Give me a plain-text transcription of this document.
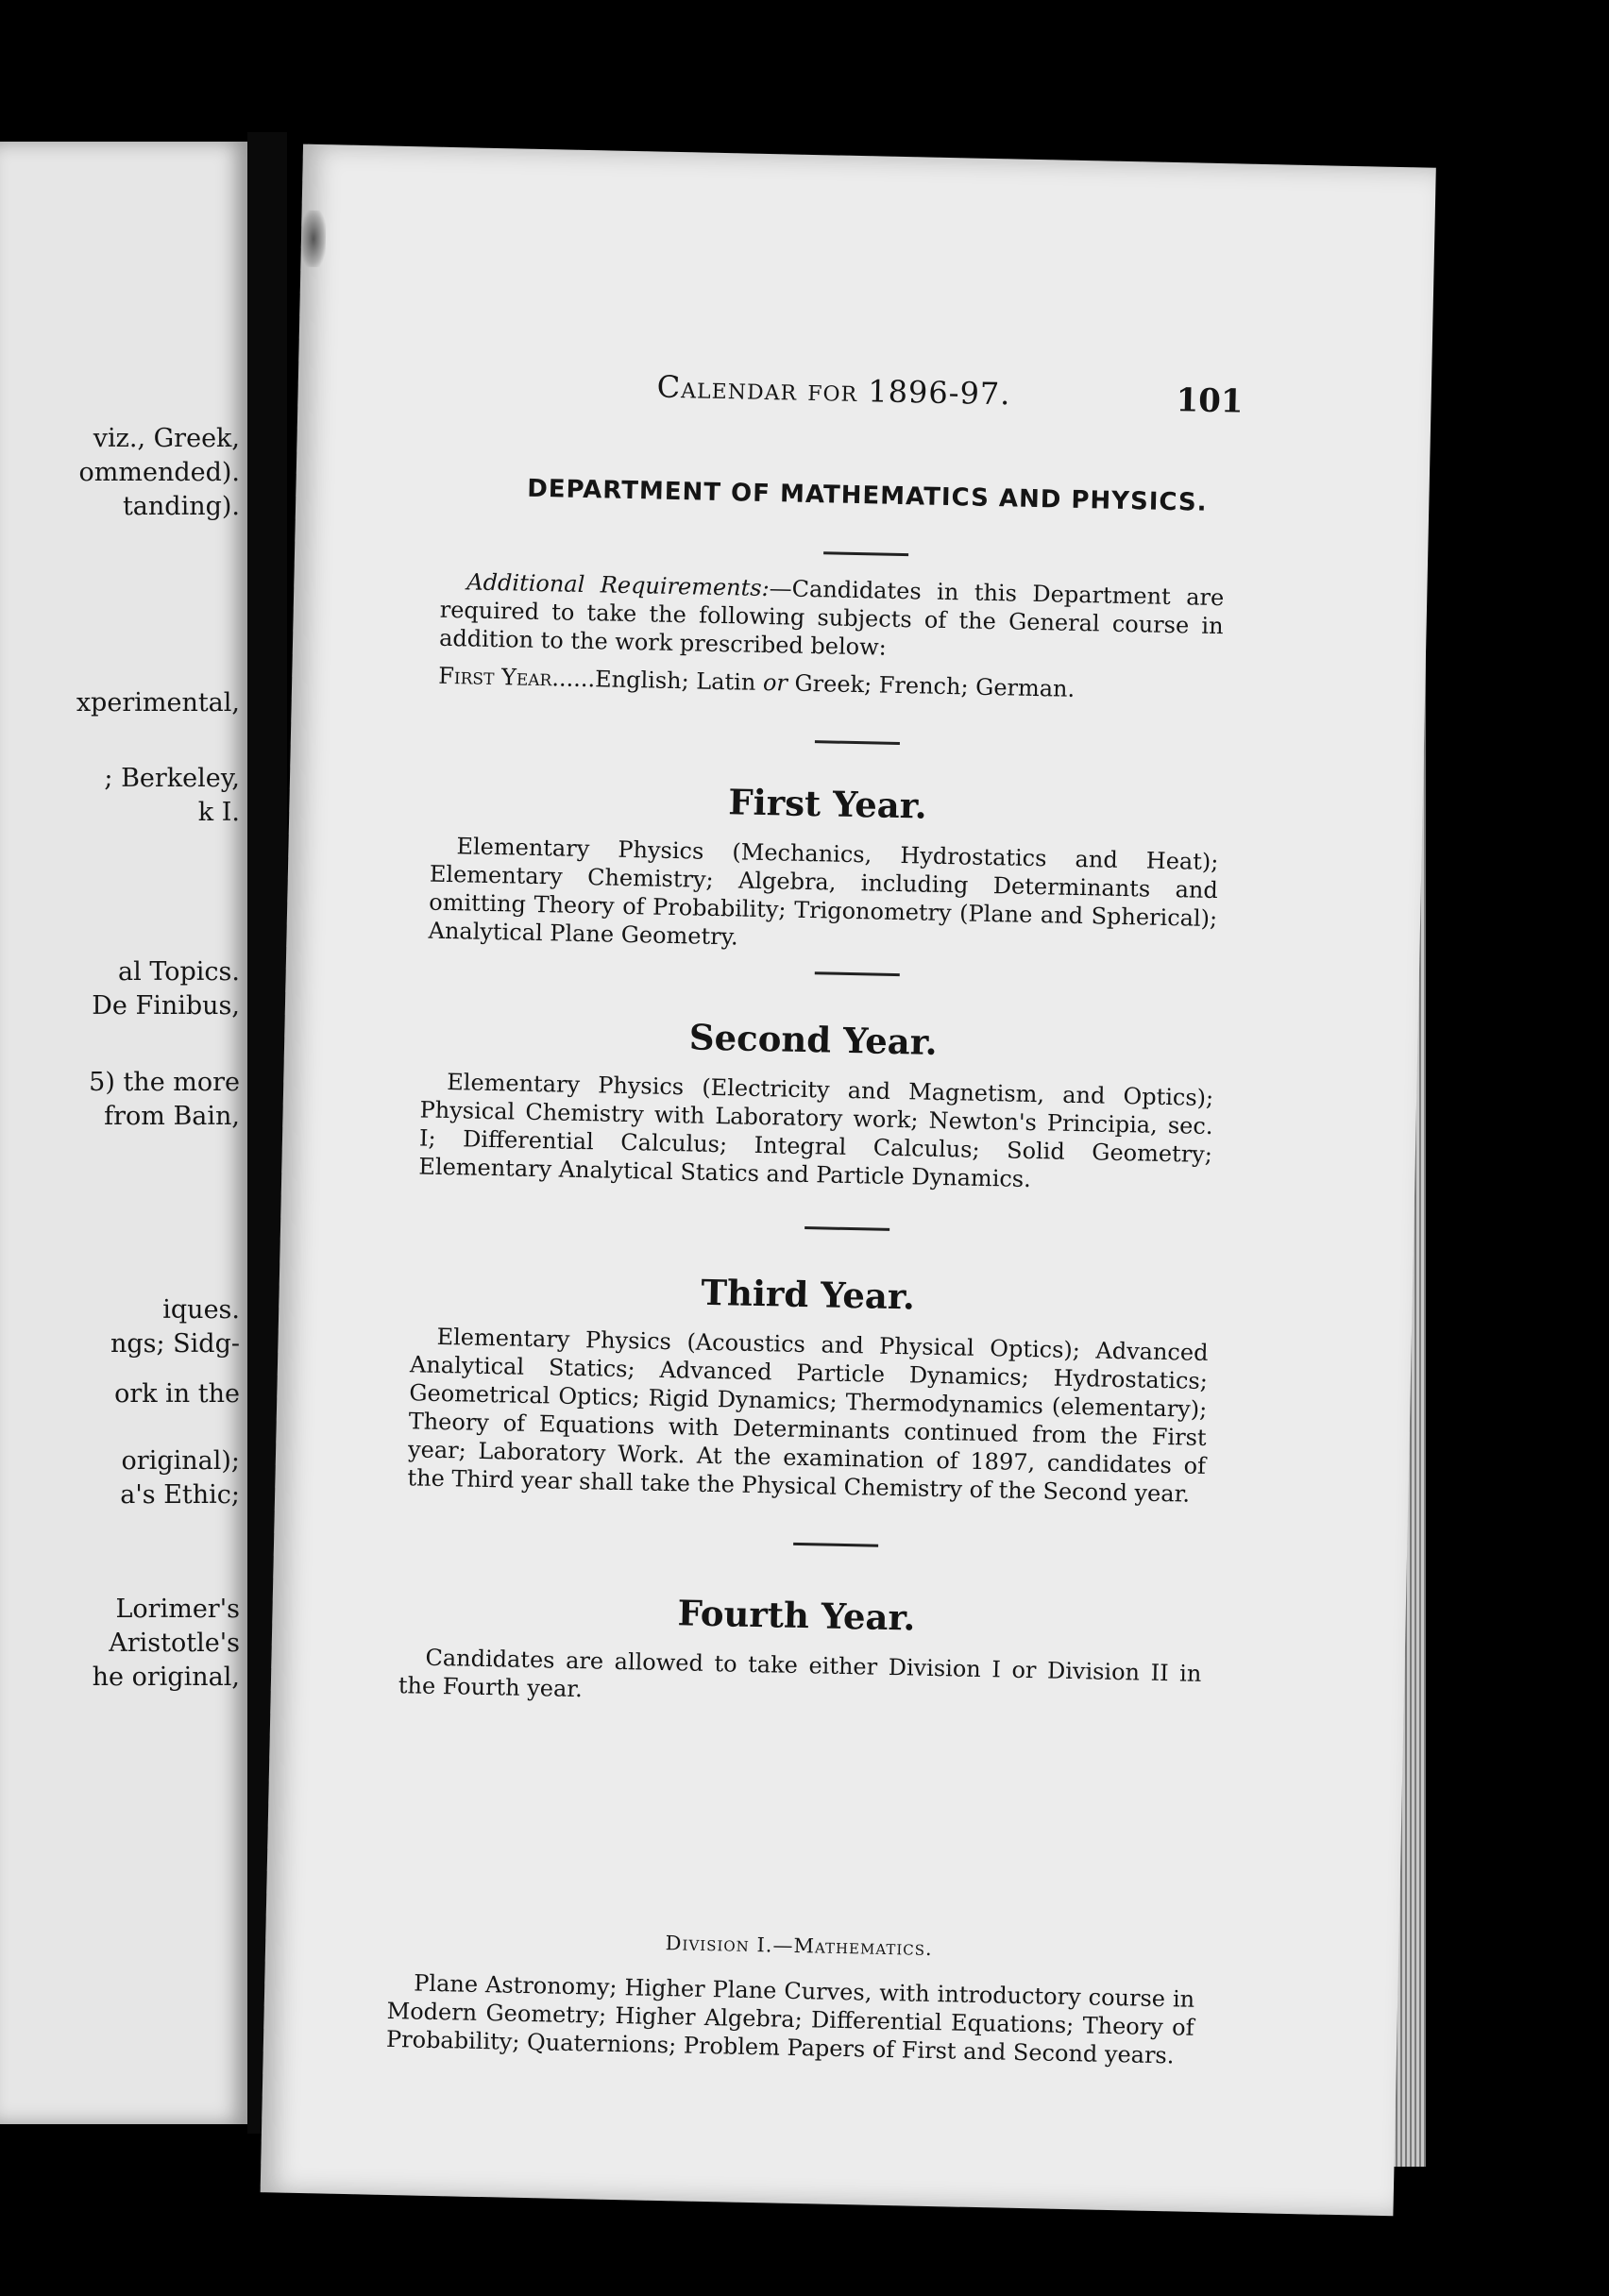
viz., Greek,
ommended).
tanding).
xperimental,
; Berkeley,
k I.
al Topics.
De Finibus,
5) the more
from Bain,
iques.
ngs; Sidg-
ork in the
original);
a's Ethic;
Lorimer's
Aristotle's
he original,
Calendar for 1896-97.	101
DEPARTMENT OF MATHEMATICS AND PHYSICS.
Additional Requirements:—Candidates in this Department are required to take the following subjects of the General course in addition to the work prescribed below:
First Year......English; Latin or Greek; French; German.
First Year.
Elementary Physics (Mechanics, Hydrostatics and Heat); Elementary Chemistry; Algebra, including Determinants and omitting Theory of Probability; Trigonometry (Plane and Spherical); Analytical Plane Geometry.
Second Year.
Elementary Physics (Electricity and Magnetism, and Optics); Physical Chemistry with Laboratory work; Newton's Principia, sec. I; Differential Calculus; Integral Calculus; Solid Geometry; Elementary Analytical Statics and Particle Dynamics.
Third Year.
Elementary Physics (Acoustics and Physical Optics); Advanced Analytical Statics; Advanced Particle Dynamics; Hydrostatics; Geometrical Optics; Rigid Dynamics; Thermodynamics (elementary); Theory of Equations with Determinants continued from the First year; Laboratory Work. At the examination of 1897, candidates of the Third year shall take the Physical Chemistry of the Second year.
Fourth Year.
Candidates are allowed to take either Division I or Division II in the Fourth year.
Division I.—Mathematics.
Plane Astronomy; Higher Plane Curves, with introductory course in Modern Geometry; Higher Algebra; Differential Equations; Theory of Probability; Quaternions; Problem Papers of First and Second years.
